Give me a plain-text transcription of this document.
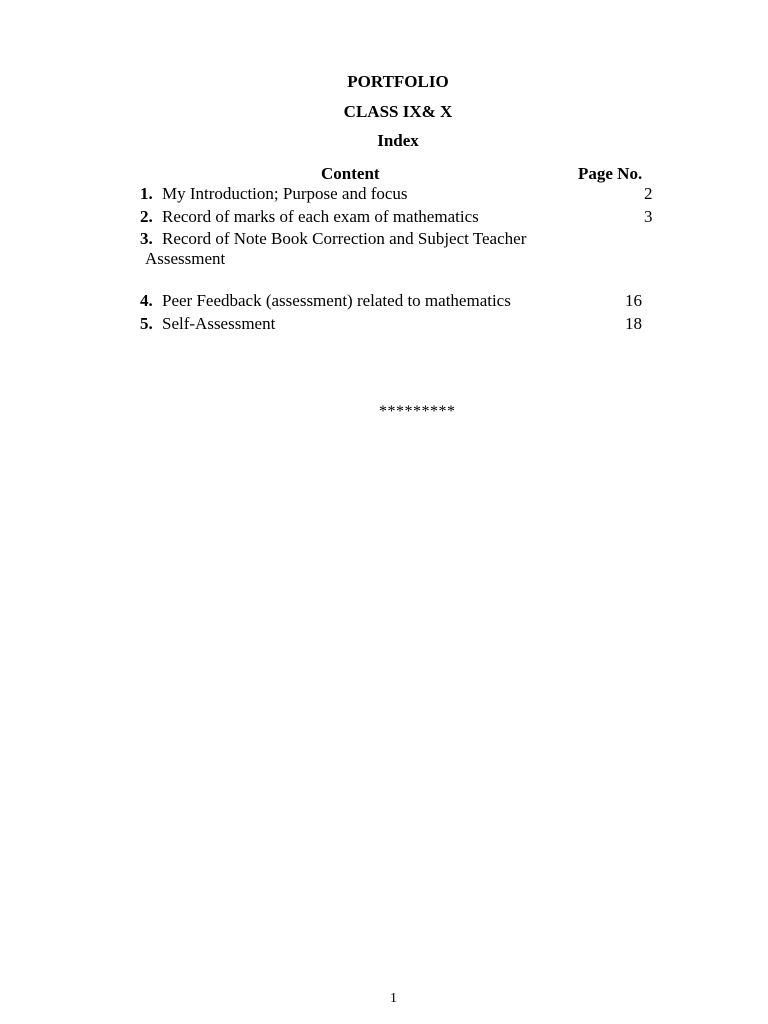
PORTFOLIO
CLASS IX& X
Index
Content	Page No.
1. My Introduction; Purpose and focus	2
2. Record of marks of each exam of mathematics	3
3. Record of Note Book Correction and Subject Teacher
Assessment
4. Peer Feedback (assessment) related to mathematics	16
5. Self-Assessment	18
*********
1
